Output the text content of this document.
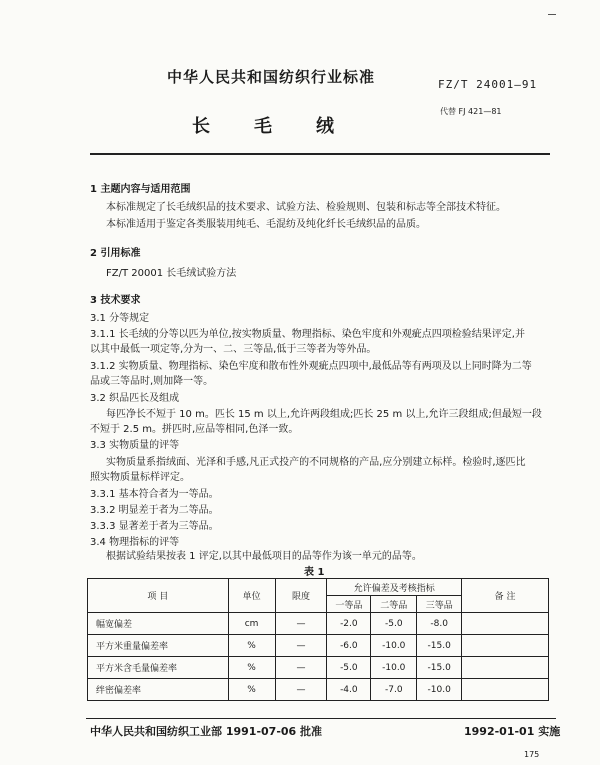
中华人民共和国纺织行业标准	FZ/T 24001—91
长 毛 绒
代替 FJ 421—81
1 主题内容与适用范围
本标准规定了长毛绒织品的技术要求、试验方法、检验规则、包装和标志等全部技术特征。
本标准适用于鉴定各类服装用纯毛、毛混纺及纯化纤长毛绒织品的品质。
2 引用标准
FZ/T 20001 长毛绒试验方法
3 技术要求
3.1 分等规定
3.1.1 长毛绒的分等以匹为单位,按实物质量、物理指标、染色牢度和外观疵点四项检验结果评定,并
以其中最低一项定等,分为一、二、三等品,低于三等者为等外品。
3.1.2 实物质量、物理指标、染色牢度和散布性外观疵点四项中,最低品等有两项及以上同时降为二等
品或三等品时,则加降一等。
3.2 织品匹长及组成
每匹净长不短于 10 m。匹长 15 m 以上,允许两段组成;匹长 25 m 以上,允许三段组成;但最短一段
不短于 2.5 m。拼匹时,应品等相同,色泽一致。
3.3 实物质量的评等
实物质量系指绒面、光泽和手感,凡正式投产的不同规格的产品,应分别建立标样。检验时,逐匹比
照实物质量标样评定。
3.3.1 基本符合者为一等品。
3.3.2 明显差于者为二等品。
3.3.3 显著差于者为三等品。
3.4 物理指标的评等
根据试验结果按表 1 评定,以其中最低项目的品等作为该一单元的品等。
表 1
项 目	单位	限度	允许偏差及考核指标			备 注
			一等品	二等品	三等品	
幅宽偏差	cm	—	-2.0	-5.0	-8.0	
平方米重量偏差率	%	—	-6.0	-10.0	-15.0	
平方米含毛量偏差率	%	—	-5.0	-10.0	-15.0	
绊密偏差率	%	—	-4.0	-7.0	-10.0	
中华人民共和国纺织工业部 1991-07-06 批准	1992-01-01 实施
175
